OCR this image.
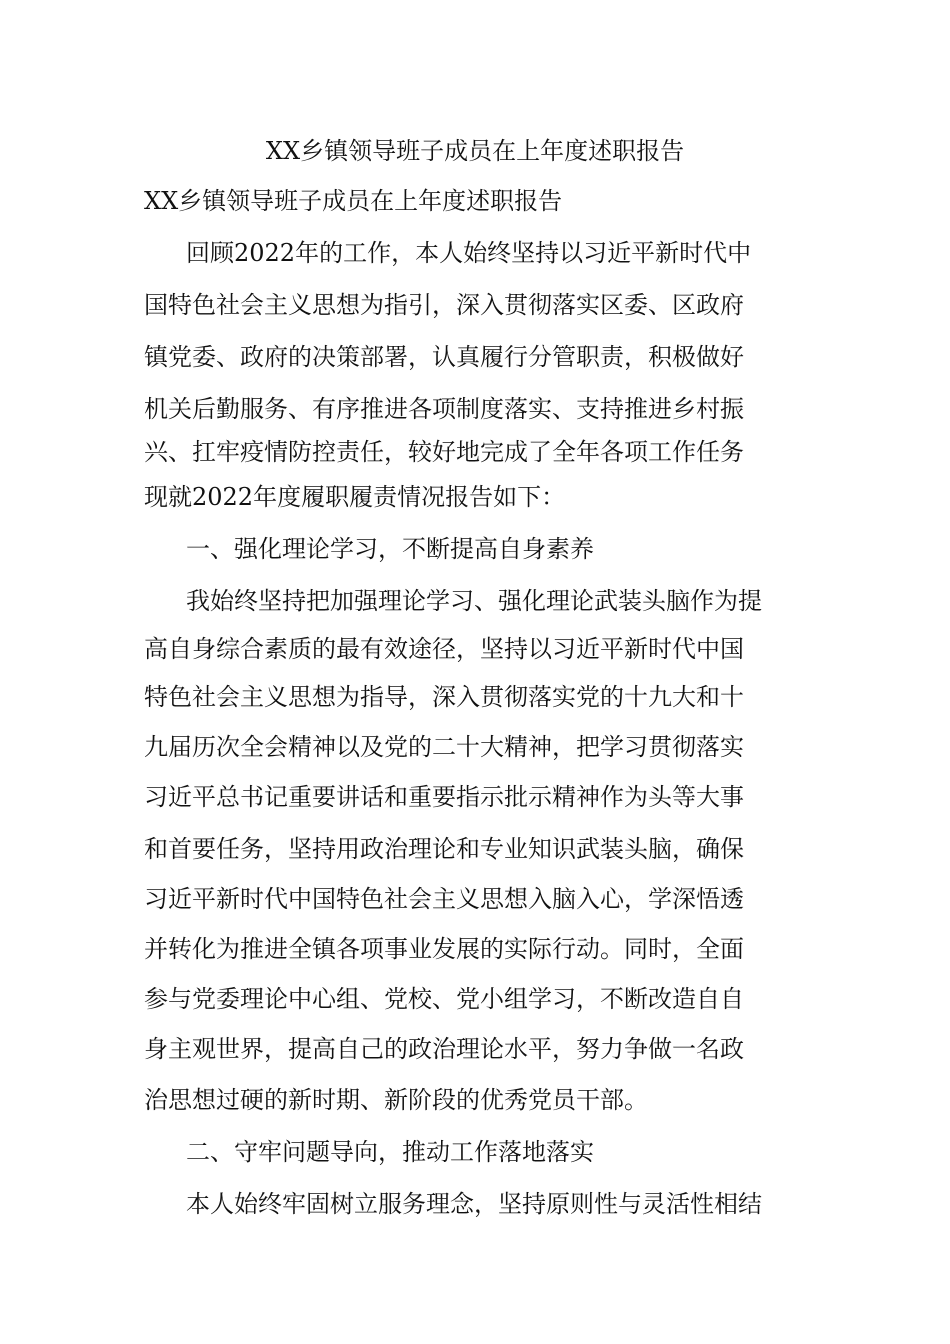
XX乡镇领导班子成员在上年度述职报告
XX乡镇领导班子成员在上年度述职报告
回顾2022年的工作，本人始终坚持以习近平新时代中
国特色社会主义思想为指引，深入贯彻落实区委、区政府
镇党委、政府的决策部署，认真履行分管职责，积极做好
机关后勤服务、有序推进各项制度落实、支持推进乡村振
兴、扛牢疫情防控责任，较好地完成了全年各项工作任务
现就2022年度履职履责情况报告如下：
一、强化理论学习，不断提高自身素养
我始终坚持把加强理论学习、强化理论武装头脑作为提
高自身综合素质的最有效途径，坚持以习近平新时代中国
特色社会主义思想为指导，深入贯彻落实党的十九大和十
九届历次全会精神以及党的二十大精神，把学习贯彻落实
习近平总书记重要讲话和重要指示批示精神作为头等大事
和首要任务，坚持用政治理论和专业知识武装头脑，确保
习近平新时代中国特色社会主义思想入脑入心，学深悟透
并转化为推进全镇各项事业发展的实际行动。同时，全面
参与党委理论中心组、党校、党小组学习，不断改造自自
身主观世界，提高自己的政治理论水平，努力争做一名政
治思想过硬的新时期、新阶段的优秀党员干部。
二、守牢问题导向，推动工作落地落实
本人始终牢固树立服务理念，坚持原则性与灵活性相结
